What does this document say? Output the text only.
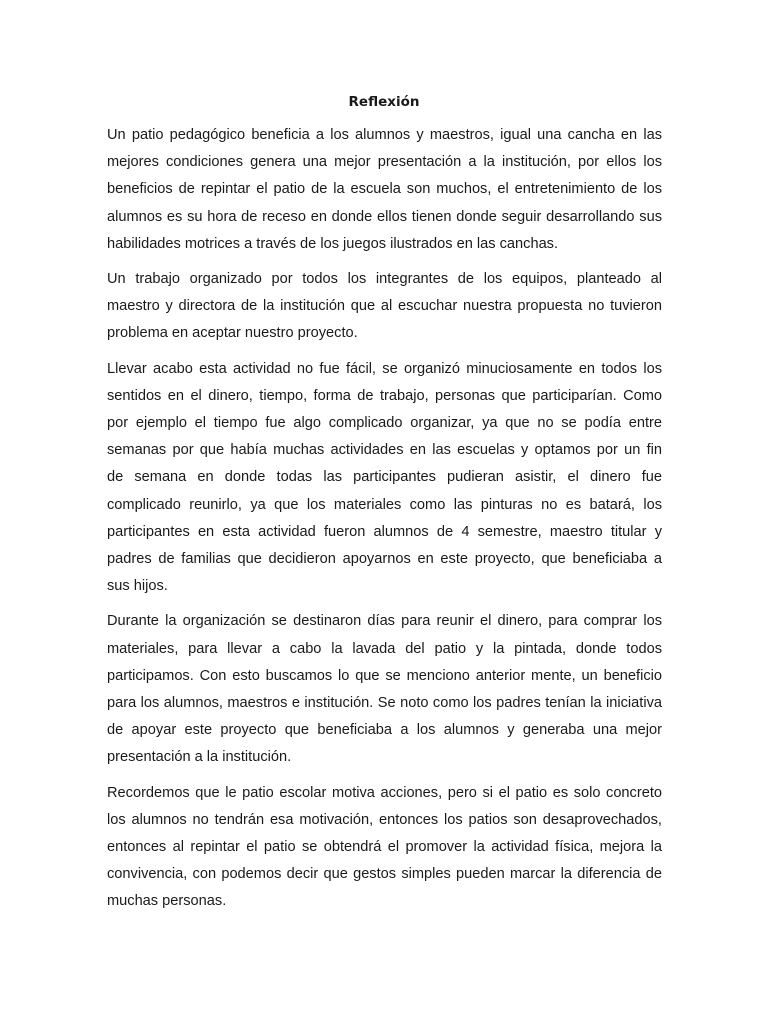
Reflexión

Un patio pedagógico beneficia a los alumnos y maestros, igual una cancha en las
mejores condiciones genera una mejor presentación a la institución, por ellos los
beneficios de repintar el patio de la escuela son muchos, el entretenimiento de los
alumnos es su hora de receso en donde ellos tienen donde seguir desarrollando sus
habilidades motrices a través de los juegos ilustrados en las canchas.

Un trabajo organizado por todos los integrantes de los equipos, planteado al
maestro y directora de la institución que al escuchar nuestra propuesta no tuvieron
problema en aceptar nuestro proyecto.

Llevar acabo esta actividad no fue fácil, se organizó minuciosamente en todos los
sentidos en el dinero, tiempo, forma de trabajo, personas que participarían. Como
por ejemplo el tiempo fue algo complicado organizar, ya que no se podía entre
semanas por que había muchas actividades en las escuelas y optamos por un fin
de semana en donde todas las participantes pudieran asistir, el dinero fue
complicado reunirlo, ya que los materiales como las pinturas no es batará, los
participantes en esta actividad fueron alumnos de 4 semestre, maestro titular y
padres de familias que decidieron apoyarnos en este proyecto, que beneficiaba a
sus hijos.

Durante la organización se destinaron días para reunir el dinero, para comprar los
materiales, para llevar a cabo la lavada del patio y la pintada, donde todos
participamos. Con esto buscamos lo que se menciono anterior mente, un beneficio
para los alumnos, maestros e institución. Se noto como los padres tenían la iniciativa
de apoyar este proyecto que beneficiaba a los alumnos y generaba una mejor
presentación a la institución.

Recordemos que le patio escolar motiva acciones, pero si el patio es solo concreto
los alumnos no tendrán esa motivación, entonces los patios son desaprovechados,
entonces al repintar el patio se obtendrá el promover la actividad física, mejora la
convivencia, con podemos decir que gestos simples pueden marcar la diferencia de
muchas personas.
